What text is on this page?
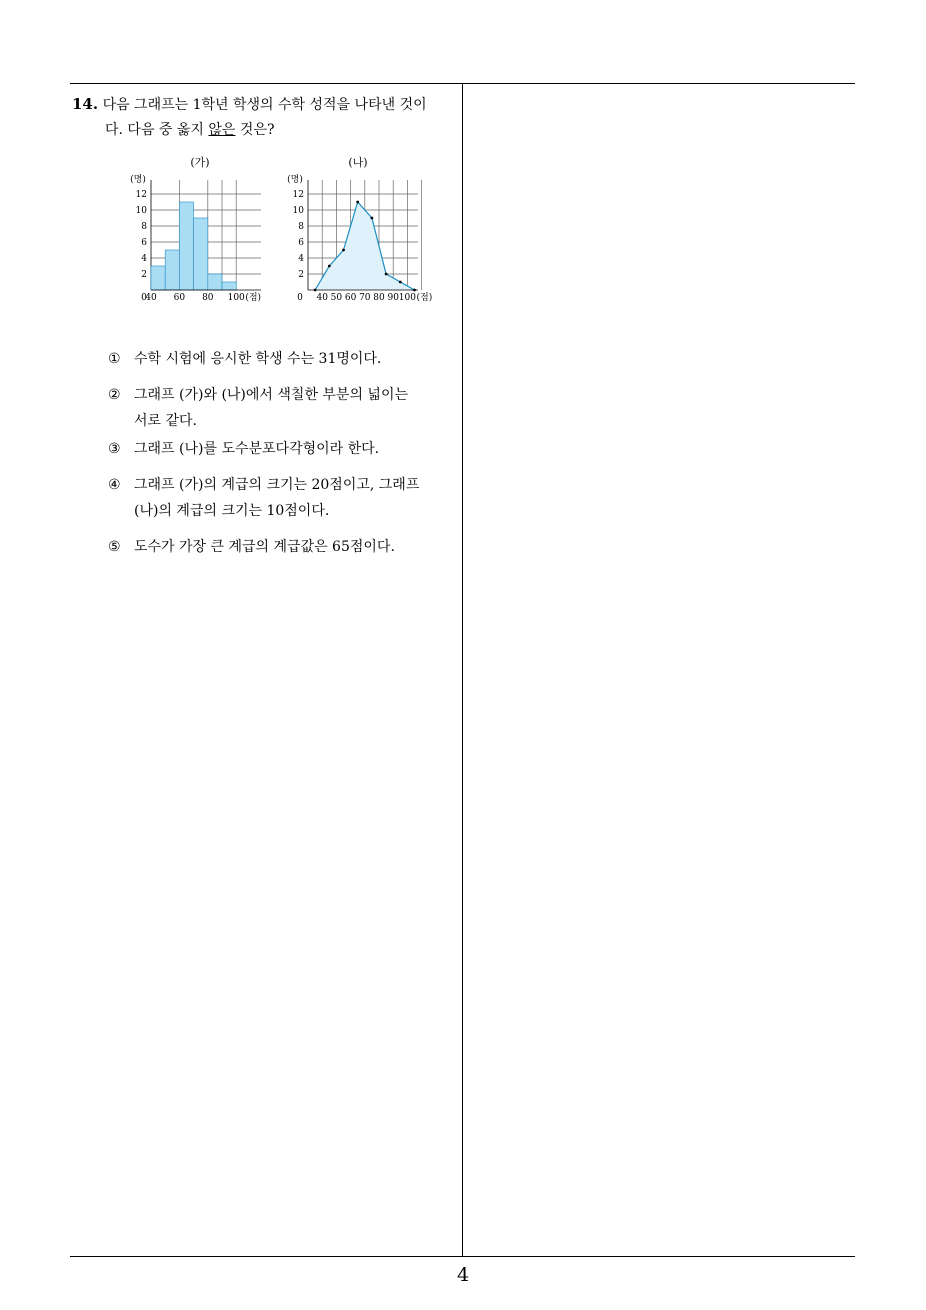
14. 다음 그래프는 1학년 학생의 수학 성적을 나타낸 것이
다. 다음 중 옳지 않은 것은?
(가)
(명)
2
4
6
8
10
12
0
40 60 80 100 (점)
(나)
(명)
2
4
6
8
10
12
0 40 50 60 70 80 90 100 (점)
① 수학 시험에 응시한 학생 수는 31명이다.
② 그래프 (가)와 (나)에서 색칠한 부분의 넓이는
서로 같다.
③ 그래프 (나)를 도수분포다각형이라 한다.
④ 그래프 (가)의 계급의 크기는 20점이고, 그래프
(나)의 계급의 크기는 10점이다.
⑤ 도수가 가장 큰 계급의 계급값은 65점이다.
4
